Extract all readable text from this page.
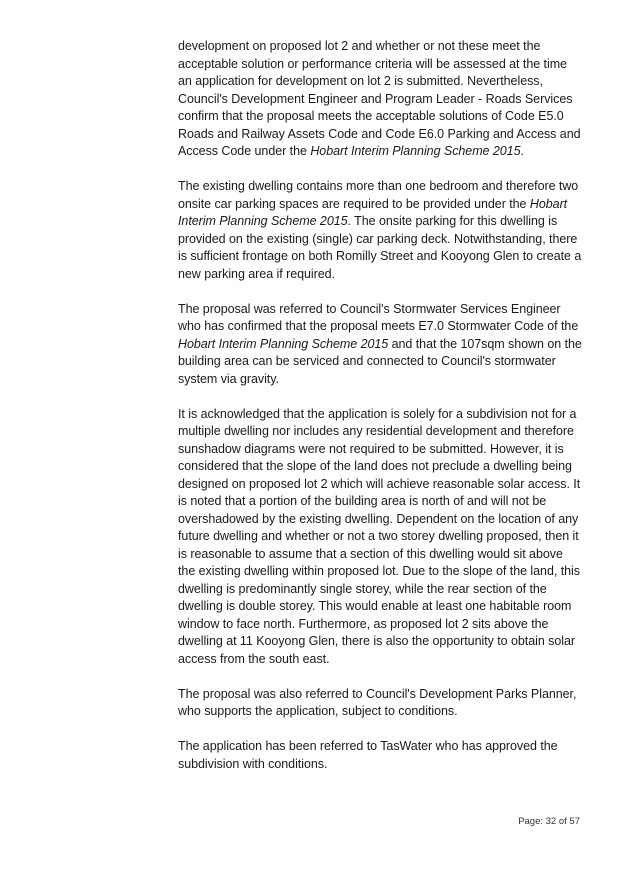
development on proposed lot 2 and whether or not these meet the acceptable solution or performance criteria will be assessed at the time an application for development on lot 2 is submitted. Nevertheless, Council's Development Engineer and Program Leader - Roads Services confirm that the proposal meets the acceptable solutions of Code E5.0 Roads and Railway Assets Code and Code E6.0 Parking and Access and Access Code under the Hobart Interim Planning Scheme 2015.

The existing dwelling contains more than one bedroom and therefore two onsite car parking spaces are required to be provided under the Hobart Interim Planning Scheme 2015. The onsite parking for this dwelling is provided on the existing (single) car parking deck. Notwithstanding, there is sufficient frontage on both Romilly Street and Kooyong Glen to create a new parking area if required.

The proposal was referred to Council's Stormwater Services Engineer who has confirmed that the proposal meets E7.0 Stormwater Code of the Hobart Interim Planning Scheme 2015 and that the 107sqm shown on the building area can be serviced and connected to Council's stormwater system via gravity.

It is acknowledged that the application is solely for a subdivision not for a multiple dwelling nor includes any residential development and therefore sunshadow diagrams were not required to be submitted. However, it is considered that the slope of the land does not preclude a dwelling being designed on proposed lot 2 which will achieve reasonable solar access. It is noted that a portion of the building area is north of and will not be overshadowed by the existing dwelling. Dependent on the location of any future dwelling and whether or not a two storey dwelling proposed, then it is reasonable to assume that a section of this dwelling would sit above the existing dwelling within proposed lot. Due to the slope of the land, this dwelling is predominantly single storey, while the rear section of the dwelling is double storey. This would enable at least one habitable room window to face north. Furthermore, as proposed lot 2 sits above the dwelling at 11 Kooyong Glen, there is also the opportunity to obtain solar access from the south east.

The proposal was also referred to Council's Development Parks Planner, who supports the application, subject to conditions.

The application has been referred to TasWater who has approved the subdivision with conditions.

Page: 32 of 57
